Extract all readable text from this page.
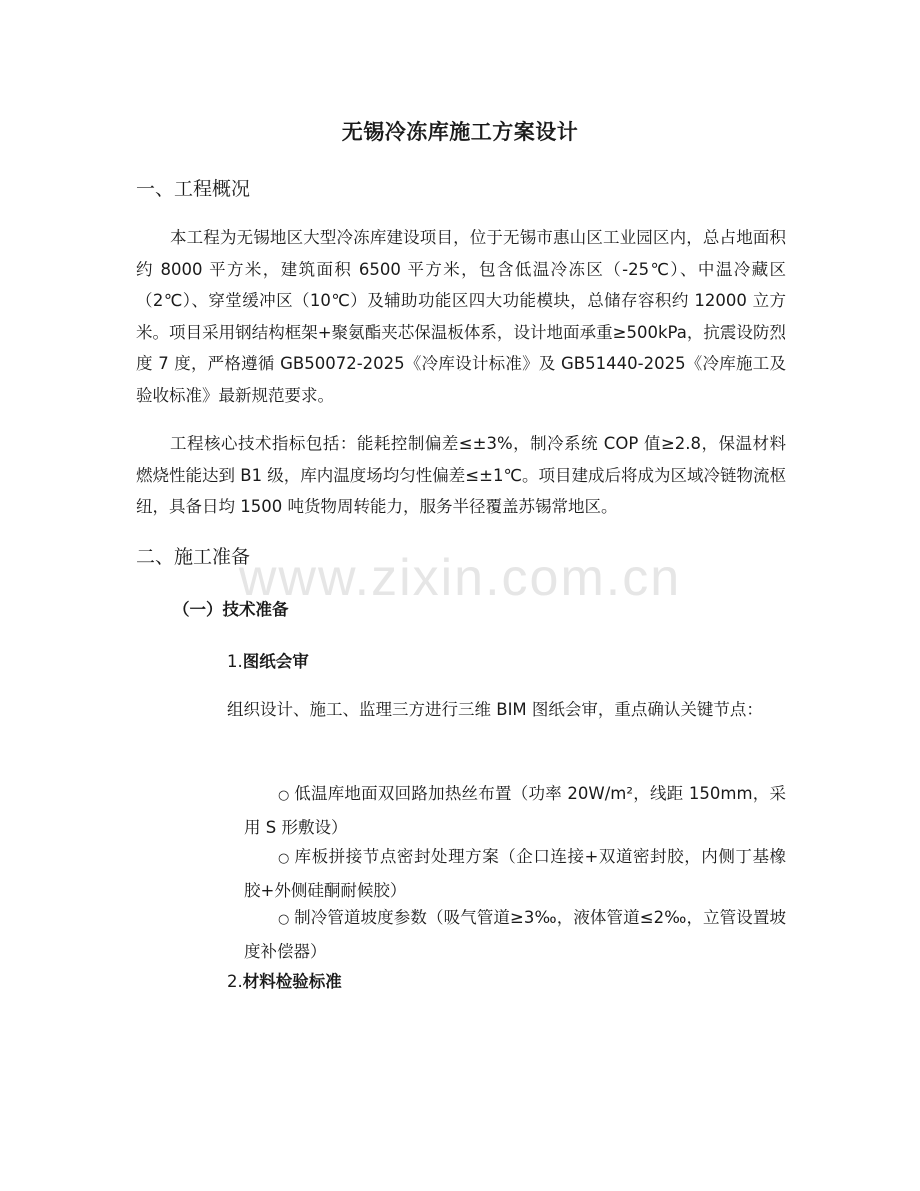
www.zixin.com.cn
无锡冷冻库施工方案设计
一、工程概况
本工程为无锡地区大型冷冻库建设项目，位于无锡市惠山区工业园区内，总占地面积约 8000 平方米，建筑面积 6500 平方米，包含低温冷冻区（-25℃）、中温冷藏区（2℃）、穿堂缓冲区（10℃）及辅助功能区四大功能模块，总储存容积约 12000 立方米。项目采用钢结构框架+聚氨酯夹芯保温板体系，设计地面承重≥500kPa，抗震设防烈度 7 度，严格遵循 GB50072-2025《冷库设计标准》及 GB51440-2025《冷库施工及验收标准》最新规范要求。
工程核心技术指标包括：能耗控制偏差≤±3%，制冷系统 COP 值≥2.8，保温材料燃烧性能达到 B1 级，库内温度场均匀性偏差≤±1℃。项目建成后将成为区域冷链物流枢纽，具备日均 1500 吨货物周转能力，服务半径覆盖苏锡常地区。
二、施工准备
（一）技术准备
1.图纸会审
组织设计、施工、监理三方进行三维 BIM 图纸会审，重点确认关键节点：
○ 低温库地面双回路加热丝布置（功率 20W/m²，线距 150mm，采用 S 形敷设）
○ 库板拼接节点密封处理方案（企口连接+双道密封胶，内侧丁基橡胶+外侧硅酮耐候胶）
○ 制冷管道坡度参数（吸气管道≥3‰，液体管道≤2‰，立管设置坡度补偿器）
2.材料检验标准
